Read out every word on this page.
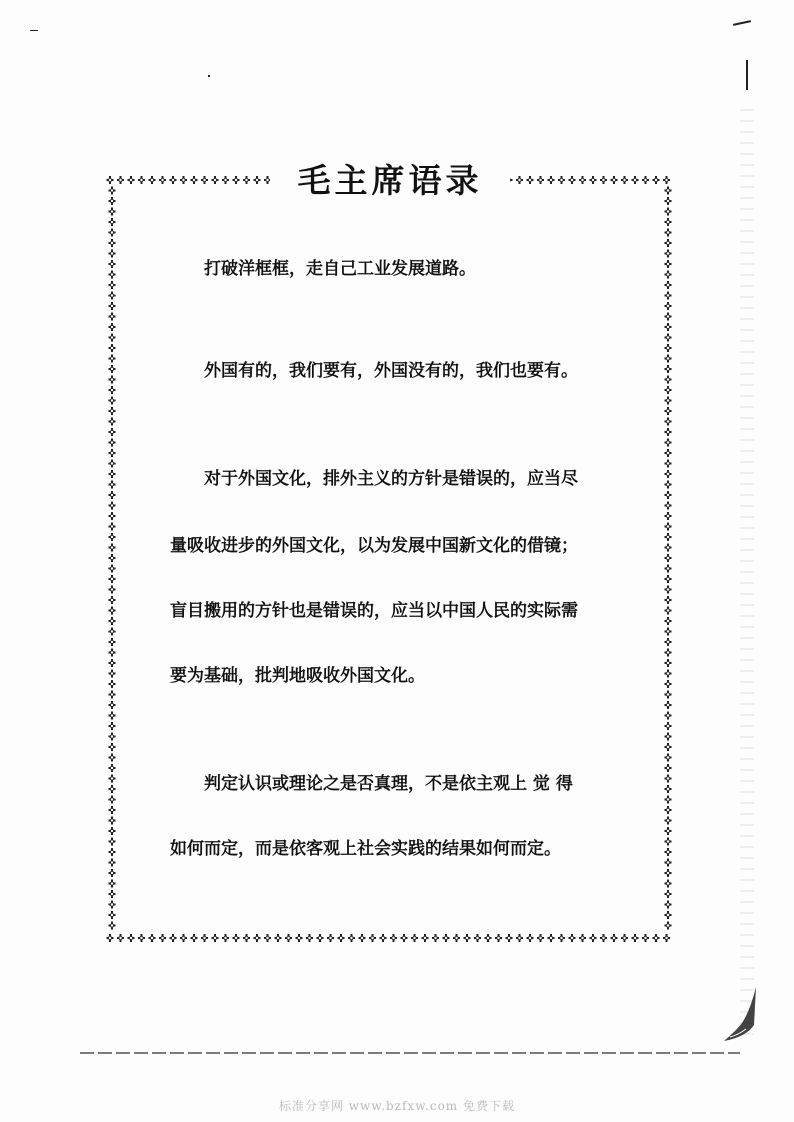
毛主席语录

打破洋框框，走自己工业发展道路。

外国有的，我们要有，外国没有的，我们也要有。

对于外国文化，排外主义的方针是错误的，应当尽

量吸收进步的外国文化，以为发展中国新文化的借镜；

盲目搬用的方针也是错误的，应当以中国人民的实际需

要为基础，批判地吸收外国文化。

判定认识或理论之是否真理，不是依主观上 觉 得

如何而定，而是依客观上社会实践的结果如何而定。

标准分享网 www.bzfxw.com 免费下载
